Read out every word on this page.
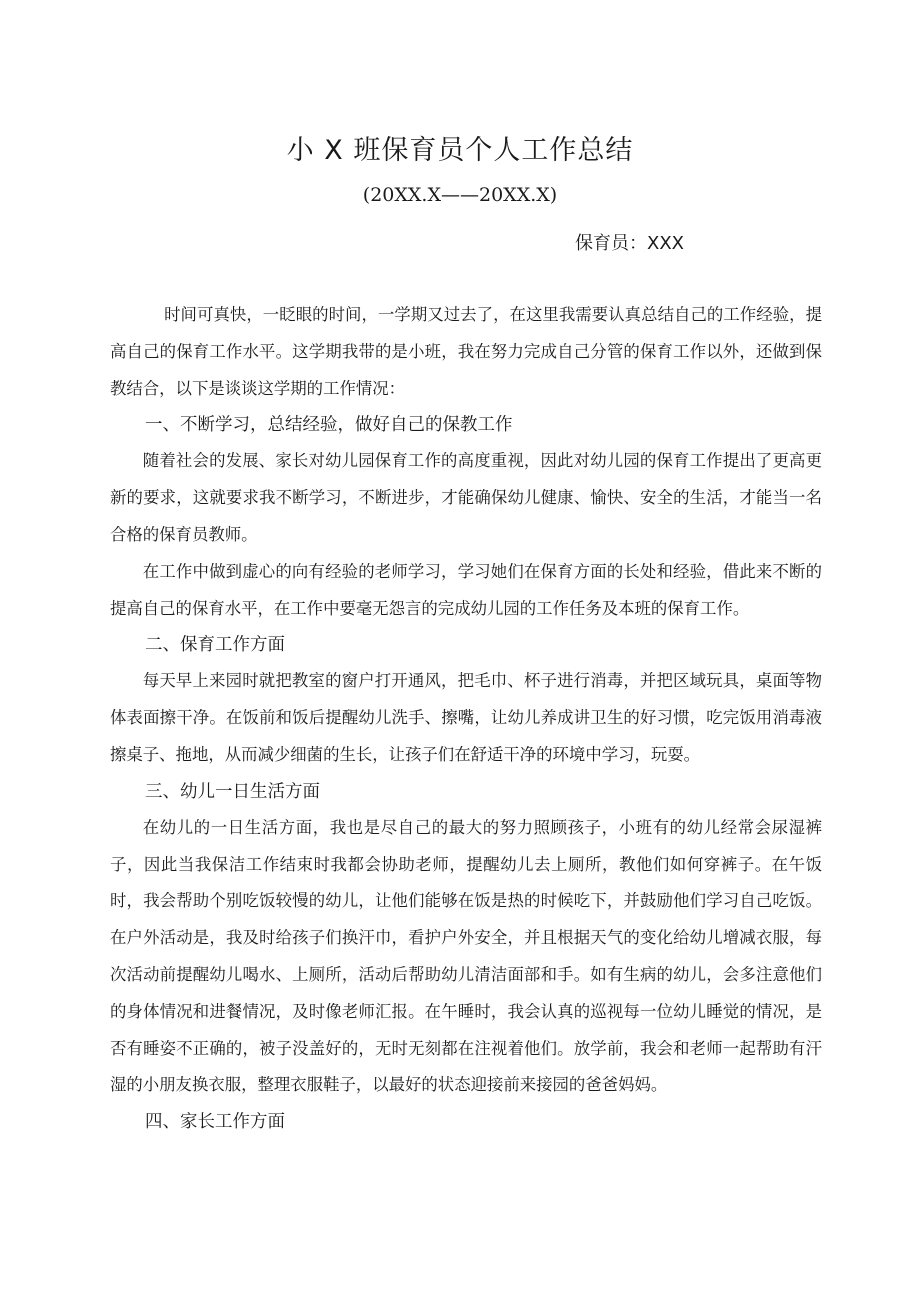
小 X 班保育员个人工作总结
(20XX.X——20XX.X)
保育员：XXX

时间可真快，一眨眼的时间，一学期又过去了，在这里我需要认真总结自己的工作经验，提高自己的保育工作水平。这学期我带的是小班，我在努力完成自己分管的保育工作以外，还做到保教结合，以下是谈谈这学期的工作情况：

一、不断学习，总结经验，做好自己的保教工作

随着社会的发展、家长对幼儿园保育工作的高度重视，因此对幼儿园的保育工作提出了更高更新的要求，这就要求我不断学习，不断进步，才能确保幼儿健康、愉快、安全的生活，才能当一名合格的保育员教师。

在工作中做到虚心的向有经验的老师学习，学习她们在保育方面的长处和经验，借此来不断的提高自己的保育水平，在工作中要毫无怨言的完成幼儿园的工作任务及本班的保育工作。

二、保育工作方面

每天早上来园时就把教室的窗户打开通风，把毛巾、杯子进行消毒，并把区域玩具，桌面等物体表面擦干净。在饭前和饭后提醒幼儿洗手、擦嘴，让幼儿养成讲卫生的好习惯，吃完饭用消毒液擦桌子、拖地，从而减少细菌的生长，让孩子们在舒适干净的环境中学习，玩耍。

三、幼儿一日生活方面

在幼儿的一日生活方面，我也是尽自己的最大的努力照顾孩子，小班有的幼儿经常会尿湿裤子，因此当我保洁工作结束时我都会协助老师，提醒幼儿去上厕所，教他们如何穿裤子。在午饭时，我会帮助个别吃饭较慢的幼儿，让他们能够在饭是热的时候吃下，并鼓励他们学习自己吃饭。在户外活动是，我及时给孩子们换汗巾，看护户外安全，并且根据天气的变化给幼儿增减衣服，每次活动前提醒幼儿喝水、上厕所，活动后帮助幼儿清洁面部和手。如有生病的幼儿，会多注意他们的身体情况和进餐情况，及时像老师汇报。在午睡时，我会认真的巡视每一位幼儿睡觉的情况，是否有睡姿不正确的，被子没盖好的，无时无刻都在注视着他们。放学前，我会和老师一起帮助有汗湿的小朋友换衣服，整理衣服鞋子，以最好的状态迎接前来接园的爸爸妈妈。

四、家长工作方面
